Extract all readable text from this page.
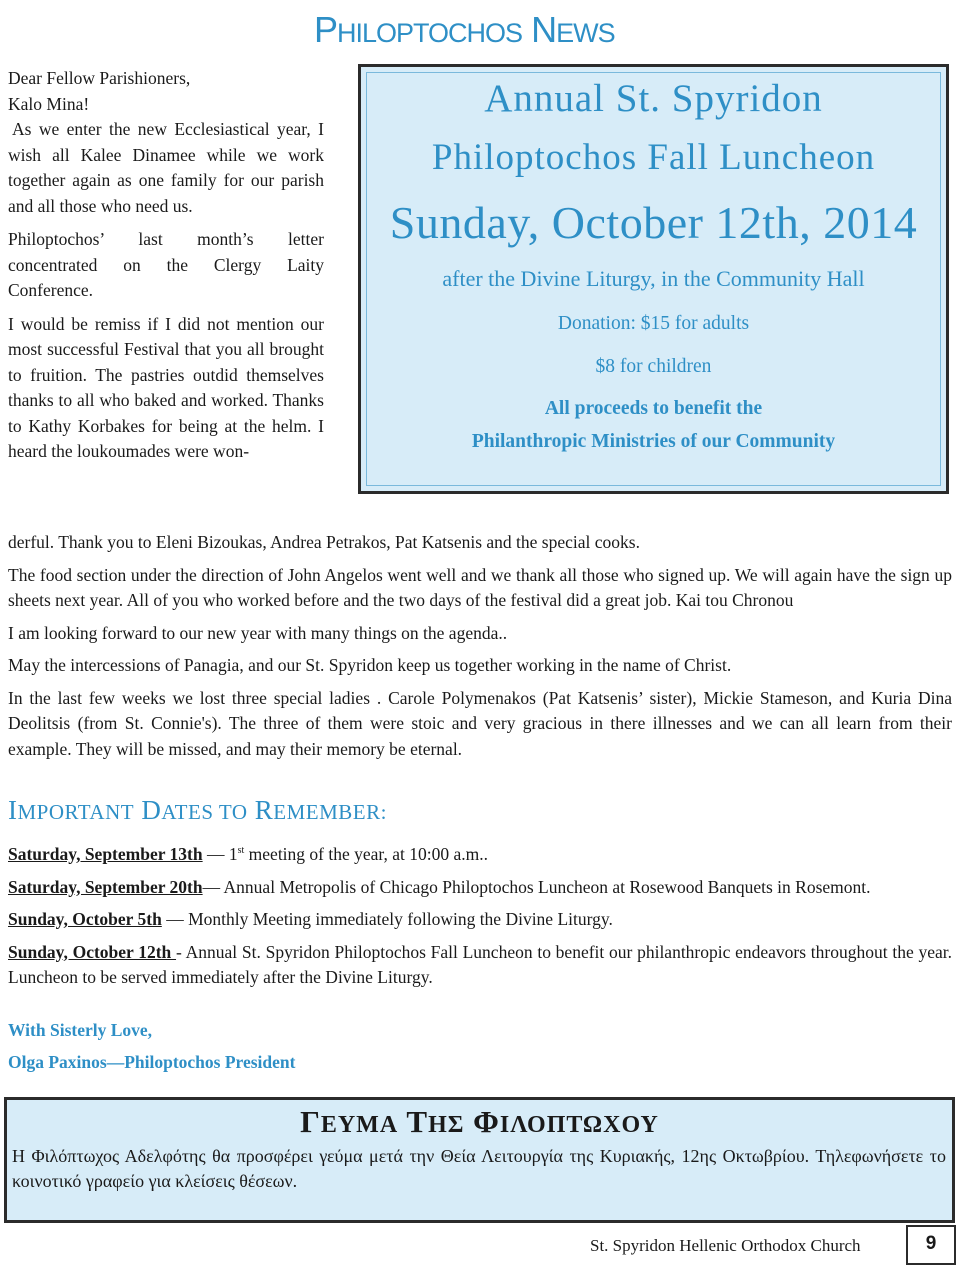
PHILOPTOCHOS NEWS

Dear Fellow Parishioners,

Kalo Mina!

As we enter the new Ecclesiastical year, I wish all Kalee Dinamee while we work together again as one family for our parish and all those who need us.

Philoptochos’ last month’s letter concentrated on the Clergy Laity Conference.

I would be remiss if I did not mention our most successful Festival that you all brought to fruition. The pastries outdid themselves thanks to all who baked and worked. Thanks to Kathy Korbakes for being at the helm. I heard the loukoumades were won-

Annual St. Spyridon
Philoptochos Fall Luncheon
Sunday, October 12th, 2014
after the Divine Liturgy, in the Community Hall
Donation: $15 for adults
$8 for children
All proceeds to benefit the
Philanthropic Ministries of our Community

derful. Thank you to Eleni Bizoukas, Andrea Petrakos, Pat Katsenis and the special cooks.

The food section under the direction of John Angelos went well and we thank all those who signed up. We will again have the sign up sheets next year. All of you who worked before and the two days of the festival did a great job. Kai tou Chronou

I am looking forward to our new year with many things on the agenda..

May the intercessions of Panagia, and our St. Spyridon keep us together working in the name of Christ.

In the last few weeks we lost three special ladies . Carole Polymenakos (Pat Katsenis’ sister), Mickie Stameson, and Kuria Dina Deolitsis (from St. Connie's). The three of them were stoic and very gracious in there illnesses and we can all learn from their example. They will be missed, and may their memory be eternal.

IMPORTANT DATES TO REMEMBER:

Saturday, September 13th — 1st meeting of the year, at 10:00 a.m..

Saturday, September 20th— Annual Metropolis of Chicago Philoptochos Luncheon at Rosewood Banquets in Rosemont.

Sunday, October 5th — Monthly Meeting immediately following the Divine Liturgy.

Sunday, October 12th - Annual St. Spyridon Philoptochos Fall Luncheon to benefit our philanthropic endeavors throughout the year. Luncheon to be served immediately after the Divine Liturgy.

With Sisterly Love,
Olga Paxinos—Philoptochos President
ΓΕΥΜΑ ΤΗΣ ΦΙΛΟΠΤΩΧΟΥ
Η Φιλόπτωχος Αδελφότης θα προσφέρει γεύμα μετά την Θεία Λειτουργία της Κυριακής, 12ης Οκτωβρίου. Τηλεφωνήσετε το κοινοτικό γραφείο για κλείσεις θέσεων.
St. Spyridon Hellenic Orthodox Church	9
